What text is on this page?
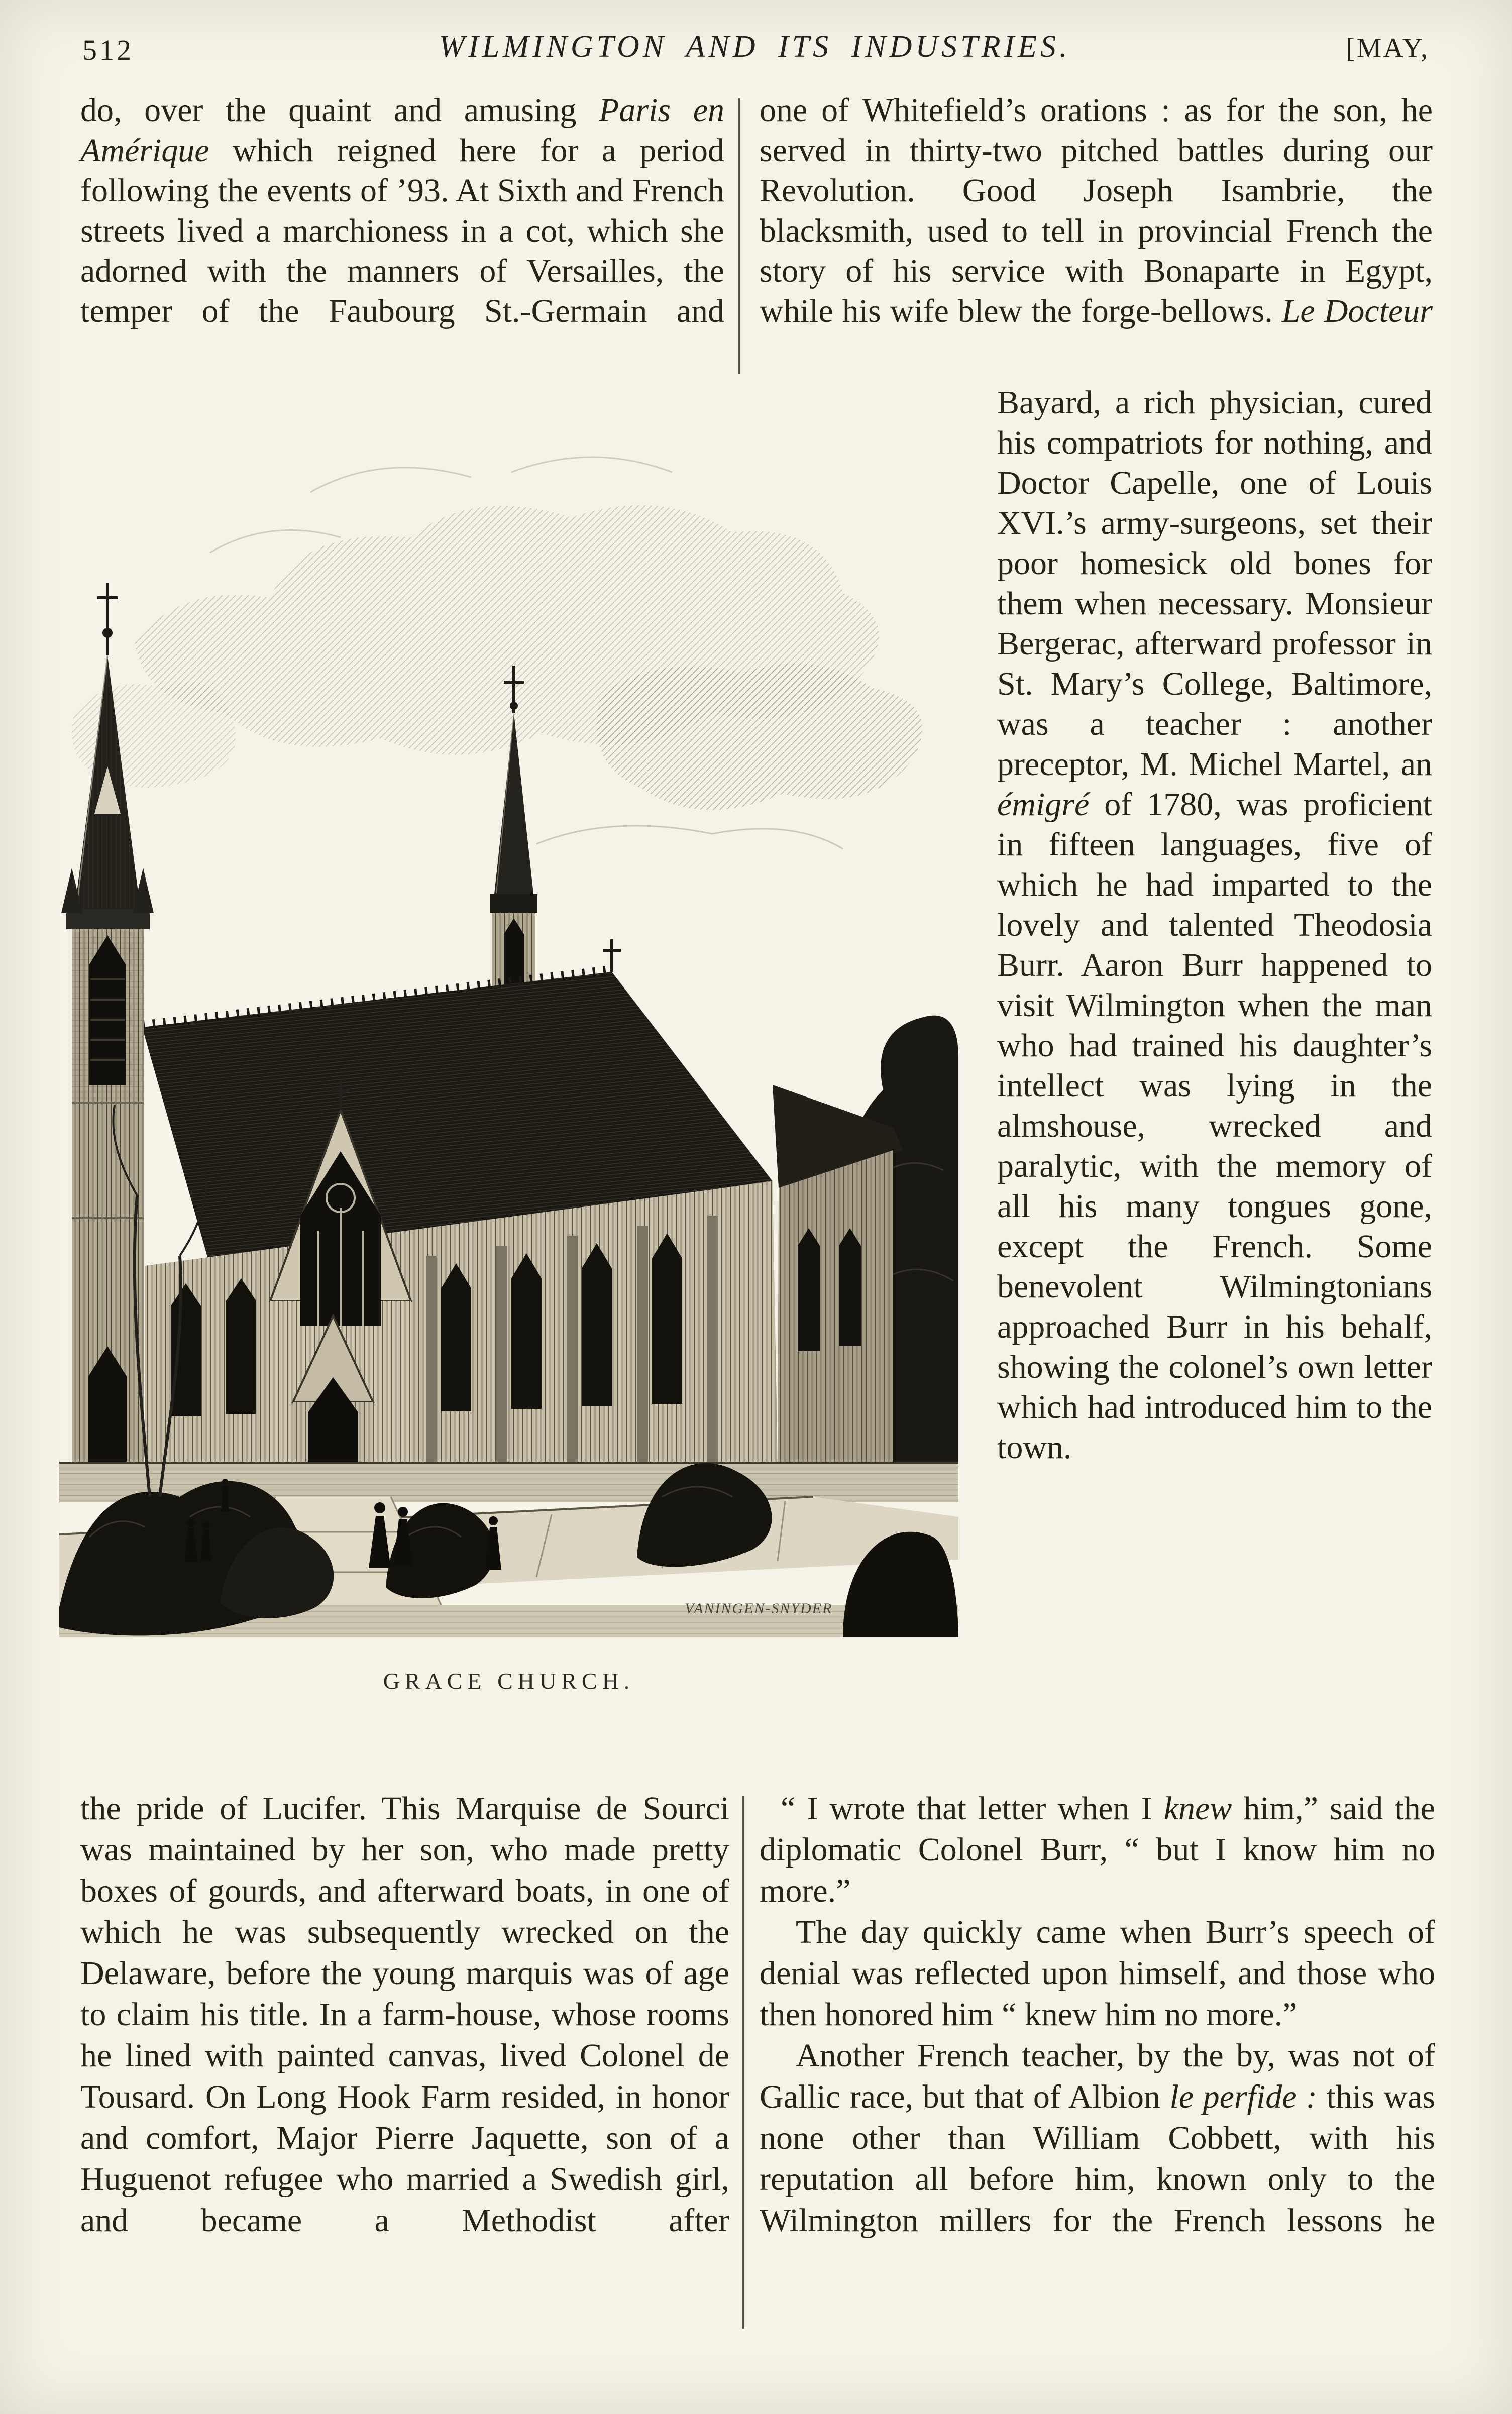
512	WILMINGTON AND ITS INDUSTRIES.	[MAY,

do, over the quaint and amusing Paris en Amérique which reigned here for a period following the events of ’93. At Sixth and French streets lived a marchioness in a cot, which she adorned with the manners of Versailles, the temper of the Faubourg St.-Germain and

one of Whitefield’s orations : as for the son, he served in thirty-two pitched battles during our Revolution. Good Joseph Isambrie, the blacksmith, used to tell in provincial French the story of his service with Bonaparte in Egypt, while his wife blew the forge-bellows. Le Docteur

Bayard, a rich physician, cured his compatriots for nothing, and Doctor Capelle, one of Louis XVI.’s army-surgeons, set their poor homesick old bones for them when necessary. Monsieur Bergerac, afterward professor in St. Mary’s College, Baltimore, was a teacher : another preceptor, M. Michel Martel, an émigré of 1780, was proficient in fifteen languages, five of which he had imparted to the lovely and talented Theodosia Burr. Aaron Burr happened to visit Wilmington when the man who had trained his daughter’s intellect was lying in the almshouse, wrecked and paralytic, with the memory of all his many tongues gone, except the French. Some benevolent Wilmingtonians approached Burr in his behalf, showing the colonel’s own letter which had introduced him to the town.

VANINGEN-SNYDER
GRACE CHURCH.

the pride of Lucifer. This Marquise de Sourci was maintained by her son, who made pretty boxes of gourds, and afterward boats, in one of which he was subsequently wrecked on the Delaware, before the young marquis was of age to claim his title. In a farm-house, whose rooms he lined with painted canvas, lived Colonel de Tousard. On Long Hook Farm resided, in honor and comfort, Major Pierre Jaquette, son of a Huguenot refugee who married a Swedish girl, and became a Methodist after

“ I wrote that letter when I knew him,” said the diplomatic Colonel Burr, “ but I know him no more.”

The day quickly came when Burr’s speech of denial was reflected upon himself, and those who then honored him “ knew him no more.”

Another French teacher, by the by, was not of Gallic race, but that of Albion le perfide : this was none other than William Cobbett, with his reputation all before him, known only to the Wilmington millers for the French lessons he
